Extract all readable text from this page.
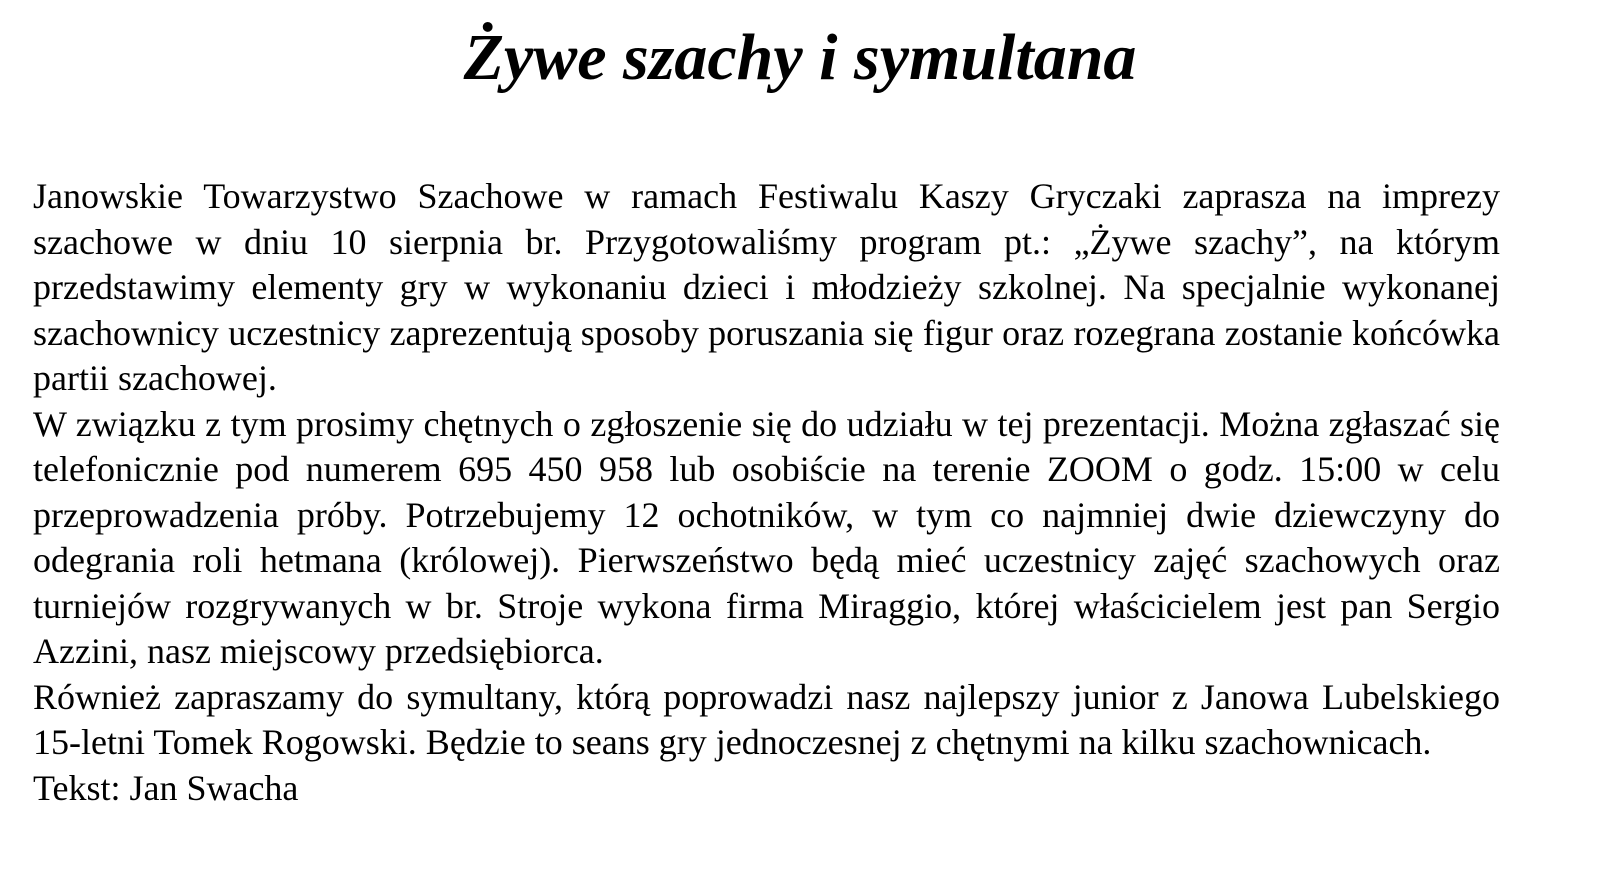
Żywe szachy i symultana

Janowskie Towarzystwo Szachowe w ramach Festiwalu Kaszy Gryczaki zaprasza na imprezy szachowe w dniu 10 sierpnia br. Przygotowaliśmy program pt.: „Żywe szachy”, na którym przedstawimy elementy gry w wykonaniu dzieci i młodzieży szkolnej. Na specjalnie wykonanej szachownicy uczestnicy zaprezentują sposoby poruszania się figur oraz rozegrana zostanie końcówka partii szachowej.

W związku z tym prosimy chętnych o zgłoszenie się do udziału w tej prezentacji. Można zgłaszać się telefonicznie pod numerem 695 450 958 lub osobiście na terenie ZOOM o godz. 15:00 w celu przeprowadzenia próby. Potrzebujemy 12 ochotników, w tym co najmniej dwie dziewczyny do odegrania roli hetmana (królowej). Pierwszeństwo będą mieć uczestnicy zajęć szachowych oraz turniejów rozgrywanych w br. Stroje wykona firma Miraggio, której właścicielem jest pan Sergio Azzini, nasz miejscowy przedsiębiorca.

Również zapraszamy do symultany, którą poprowadzi nasz najlepszy junior z Janowa Lubelskiego 15-letni Tomek Rogowski. Będzie to seans gry jednoczesnej z chętnymi na kilku szachownicach.

Tekst: Jan Swacha
